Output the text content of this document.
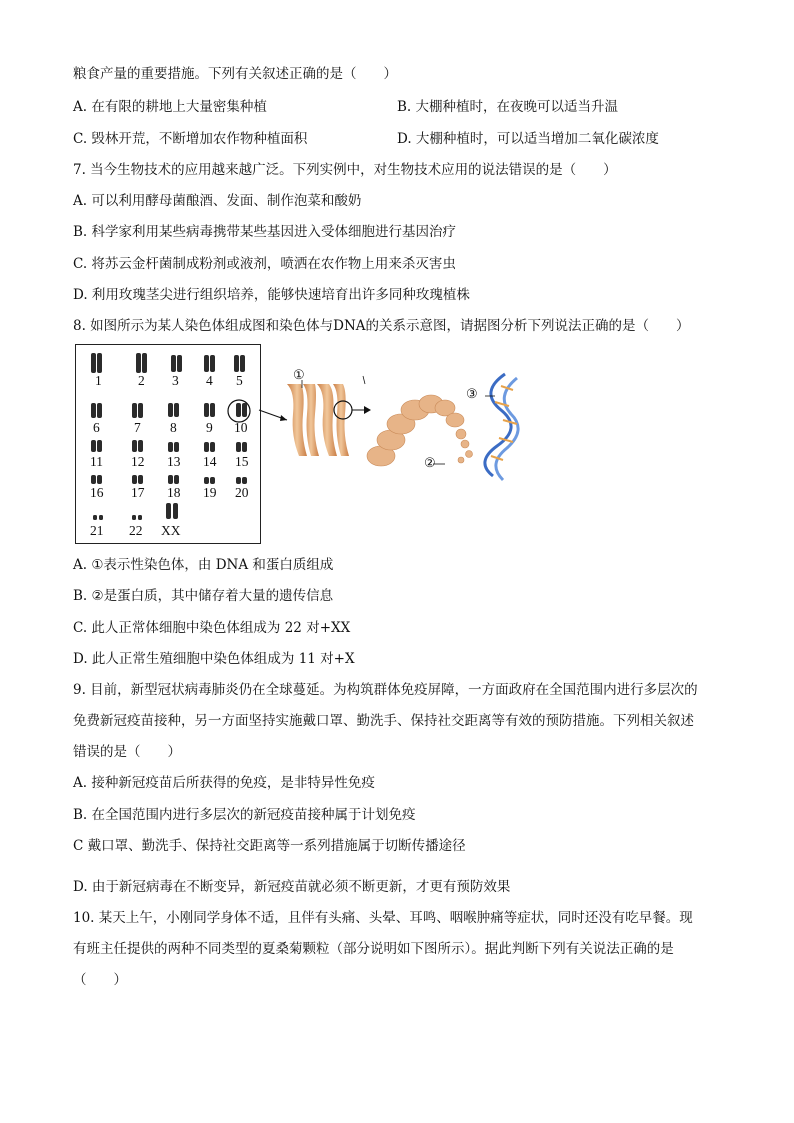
粮食产量的重要措施。下列有关叙述正确的是（　　）
A. 在有限的耕地上大量密集种植	B. 大棚种植时，在夜晚可以适当升温
C. 毁林开荒，不断增加农作物种植面积	D. 大棚种植时，可以适当增加二氧化碳浓度
7. 当今生物技术的应用越来越广泛。下列实例中，对生物技术应用的说法错误的是（　　）
A. 可以利用酵母菌酿酒、发面、制作泡菜和酸奶
B. 科学家利用某些病毒携带某些基因进入受体细胞进行基因治疗
C. 将苏云金杆菌制成粉剂或液剂，喷洒在农作物上用来杀灭害虫
D. 利用玫瑰茎尖进行组织培养，能够快速培育出许多同种玫瑰植株
8. 如图所示为某人染色体组成图和染色体与DNA的关系示意图，请据图分析下列说法正确的是（　　）
1	2 3 4 5
6	7 8 9 10
11 12 13 14 15
16 17 18 19 20
21 22 XX
①
②
③
A. ①表示性染色体，由 DNA 和蛋白质组成
B. ②是蛋白质，其中储存着大量的遗传信息
C. 此人正常体细胞中染色体组成为 22 对+XX
D. 此人正常生殖细胞中染色体组成为 11 对+X
9. 目前，新型冠状病毒肺炎仍在全球蔓延。为构筑群体免疫屏障，一方面政府在全国范围内进行多层次的
免费新冠疫苗接种，另一方面坚持实施戴口罩、勤洗手、保持社交距离等有效的预防措施。下列相关叙述
错误的是（　　）
A. 接种新冠疫苗后所获得的免疫，是非特异性免疫
B. 在全国范围内进行多层次的新冠疫苗接种属于计划免疫
C 戴口罩、勤洗手、保持社交距离等一系列措施属于切断传播途径
D. 由于新冠病毒在不断变异，新冠疫苗就必须不断更新，才更有预防效果
10. 某天上午，小刚同学身体不适，且伴有头痛、头晕、耳鸣、咽喉肿痛等症状，同时还没有吃早餐。现
有班主任提供的两种不同类型的夏桑菊颗粒（部分说明如下图所示）。据此判断下列有关说法正确的是
（　　）
